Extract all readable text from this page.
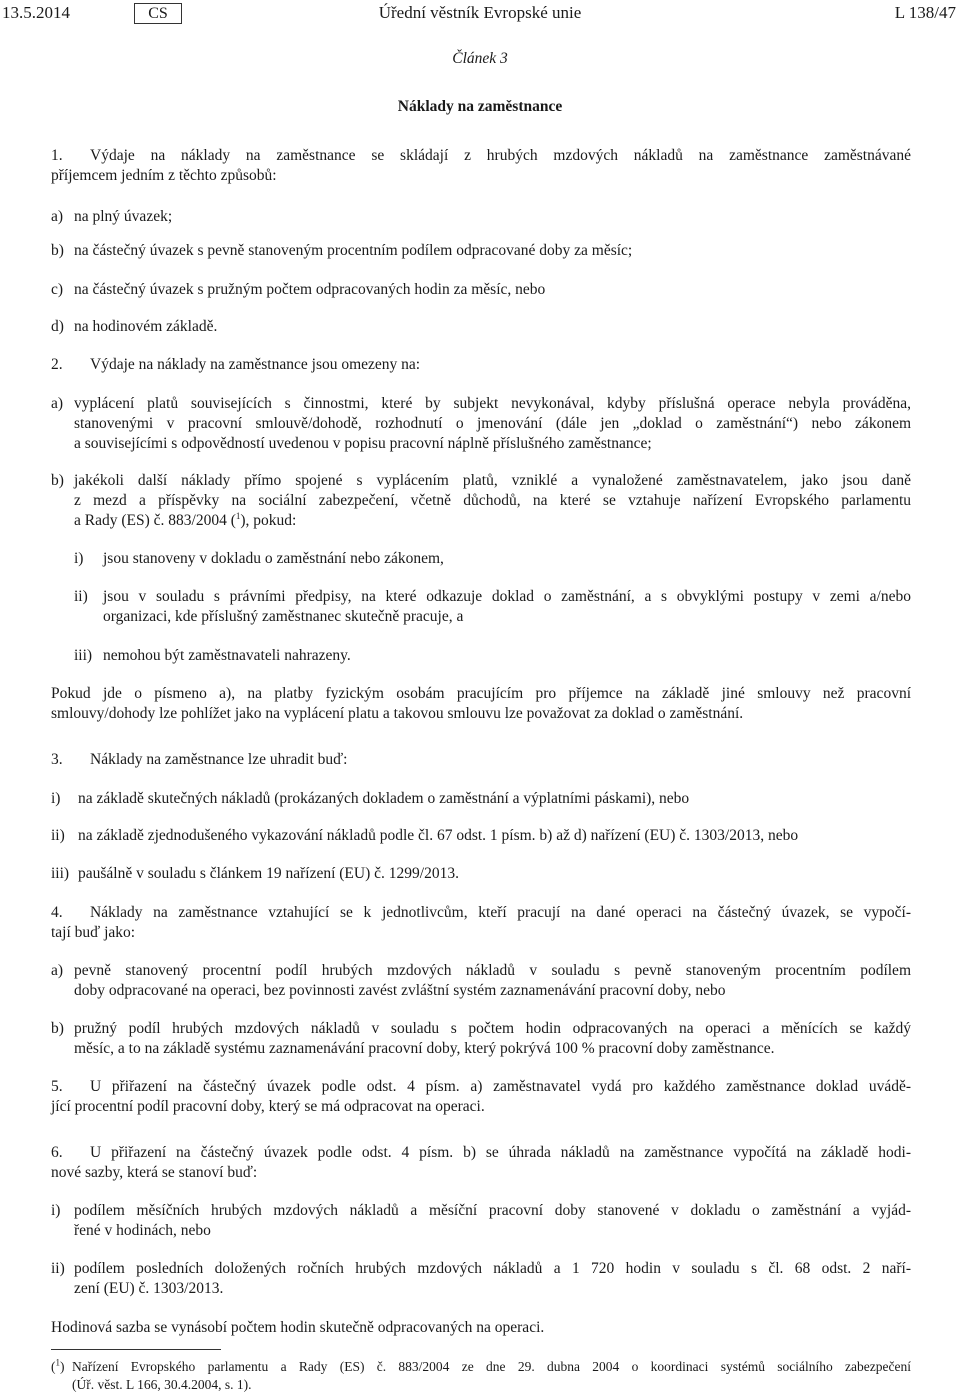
13.5.2014	CS	Úřední věstník Evropské unie	L 138/47
Článek 3
Náklady na zaměstnance
1. Výdaje na náklady na zaměstnance se skládají z hrubých mzdových nákladů na zaměstnance zaměstnávané
příjemcem jedním z těchto způsobů:
a) na plný úvazek;
b) na částečný úvazek s pevně stanoveným procentním podílem odpracované doby za měsíc;
c) na částečný úvazek s pružným počtem odpracovaných hodin za měsíc, nebo
d) na hodinovém základě.
2. Výdaje na náklady na zaměstnance jsou omezeny na:
a) vyplácení platů souvisejících s činnostmi, které by subjekt nevykonával, kdyby příslušná operace nebyla prováděna,
stanovenými v pracovní smlouvě/dohodě, rozhodnutí o jmenování (dále jen „doklad o zaměstnání“) nebo zákonem
a souvisejícími s odpovědností uvedenou v popisu pracovní náplně příslušného zaměstnance;
b) jakékoli další náklady přímo spojené s vyplácením platů, vzniklé a vynaložené zaměstnavatelem, jako jsou daně
z mezd a příspěvky na sociální zabezpečení, včetně důchodů, na které se vztahuje nařízení Evropského parlamentu
a Rady (ES) č. 883/2004 ($^1$), pokud:
i) jsou stanoveny v dokladu o zaměstnání nebo zákonem,
ii) jsou v souladu s právními předpisy, na které odkazuje doklad o zaměstnání, a s obvyklými postupy v zemi a/nebo
organizaci, kde příslušný zaměstnanec skutečně pracuje, a
iii) nemohou být zaměstnavateli nahrazeny.
Pokud jde o písmeno a), na platby fyzickým osobám pracujícím pro příjemce na základě jiné smlouvy než pracovní
smlouvy/dohody lze pohlížet jako na vyplácení platu a takovou smlouvu lze považovat za doklad o zaměstnání.
3. Náklady na zaměstnance lze uhradit buď:
i) na základě skutečných nákladů (prokázaných dokladem o zaměstnání a výplatními páskami), nebo
ii) na základě zjednodušeného vykazování nákladů podle čl. 67 odst. 1 písm. b) až d) nařízení (EU) č. 1303/2013, nebo
iii) paušálně v souladu s článkem 19 nařízení (EU) č. 1299/2013.
4. Náklady na zaměstnance vztahující se k jednotlivcům, kteří pracují na dané operaci na částečný úvazek, se vypočí-
tají buď jako:
a) pevně stanovený procentní podíl hrubých mzdových nákladů v souladu s pevně stanoveným procentním podílem
doby odpracované na operaci, bez povinnosti zavést zvláštní systém zaznamenávání pracovní doby, nebo
b) pružný podíl hrubých mzdových nákladů v souladu s počtem hodin odpracovaných na operaci a měnících se každý
měsíc, a to na základě systému zaznamenávání pracovní doby, který pokrývá 100 % pracovní doby zaměstnance.
5. U přiřazení na částečný úvazek podle odst. 4 písm. a) zaměstnavatel vydá pro každého zaměstnance doklad uvádě-
jící procentní podíl pracovní doby, který se má odpracovat na operaci.
6. U přiřazení na částečný úvazek podle odst. 4 písm. b) se úhrada nákladů na zaměstnance vypočítá na základě hodi-
nové sazby, která se stanoví buď:
i) podílem měsíčních hrubých mzdových nákladů a měsíční pracovní doby stanovené v dokladu o zaměstnání a vyjád-
řené v hodinách, nebo
ii) podílem posledních doložených ročních hrubých mzdových nákladů a 1 720 hodin v souladu s čl. 68 odst. 2 naří-
zení (EU) č. 1303/2013.
Hodinová sazba se vynásobí počtem hodin skutečně odpracovaných na operaci.
($^1$) Nařízení Evropského parlamentu a Rady (ES) č. 883/2004 ze dne 29. dubna 2004 o koordinaci systémů sociálního zabezpečení
(Úř. věst. L 166, 30.4.2004, s. 1).
